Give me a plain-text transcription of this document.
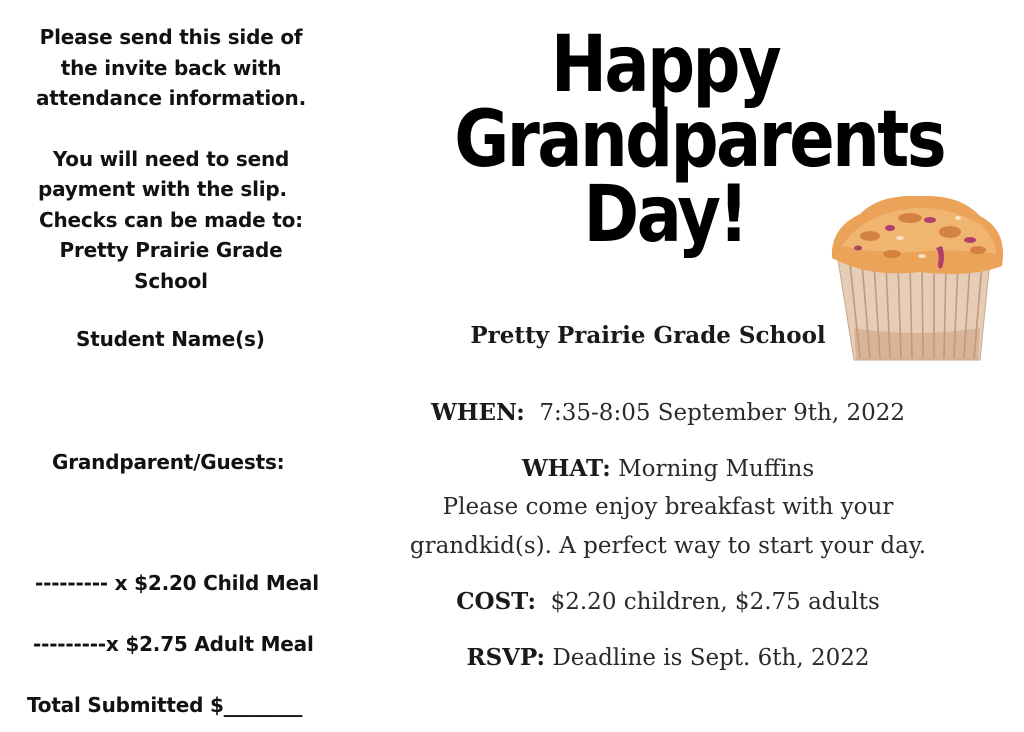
Please send this side of
the invite back with
attendance information.
You will need to send
payment with the slip.
Checks can be made to:
Pretty Prairie Grade
School
Student Name(s)
Grandparent/Guests:
--------- x $2.20 Child Meal
---------x $2.75 Adult Meal
Total Submitted $________
Happy
Grandparents
Day!
Pretty Prairie Grade School
WHEN: 7:35-8:05 September 9th, 2022
WHAT: Morning Muffins
Please come enjoy breakfast with your
grandkid(s). A perfect way to start your day.
COST: $2.20 children, $2.75 adults
RSVP: Deadline is Sept. 6th, 2022
